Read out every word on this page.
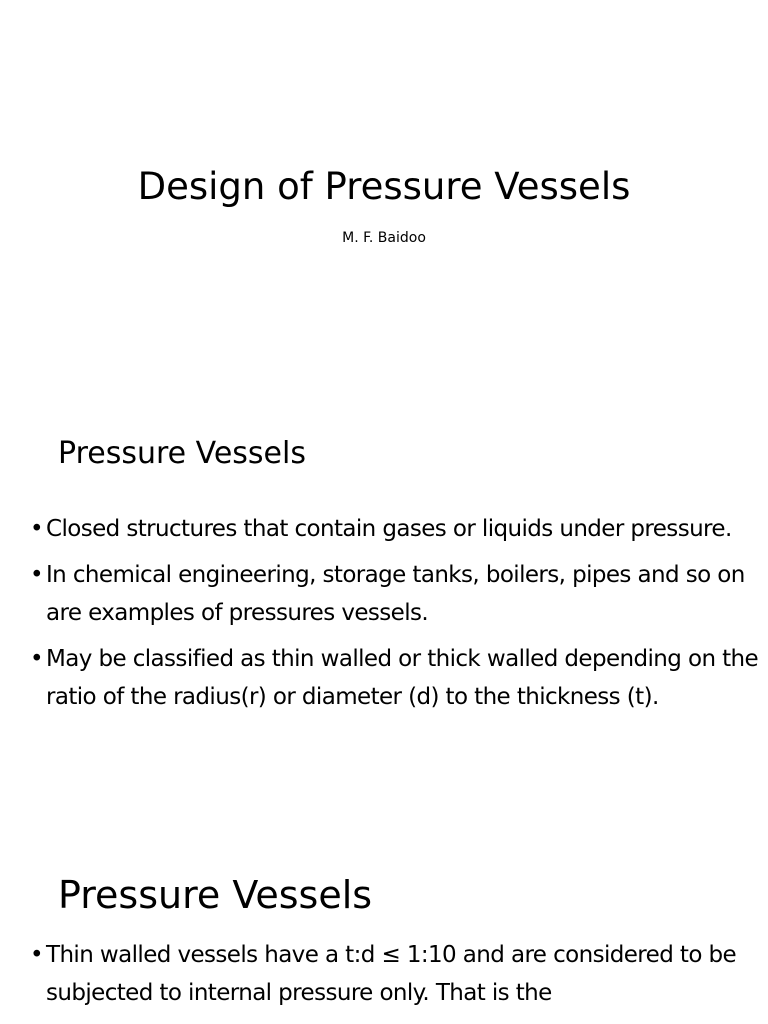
Design of Pressure Vessels

M. F. Baidoo

Pressure Vessels
• Closed structures that contain gases or liquids under pressure.
• In chemical engineering, storage tanks, boilers, pipes and so on are examples of pressures vessels.
• May be classified as thin walled or thick walled depending on the ratio of the radius(r) or diameter (d) to the thickness (t).
Pressure Vessels
• Thin walled vessels have a t:d ≤ 1:10 and are considered to be subjected to internal pressure only. That is the
